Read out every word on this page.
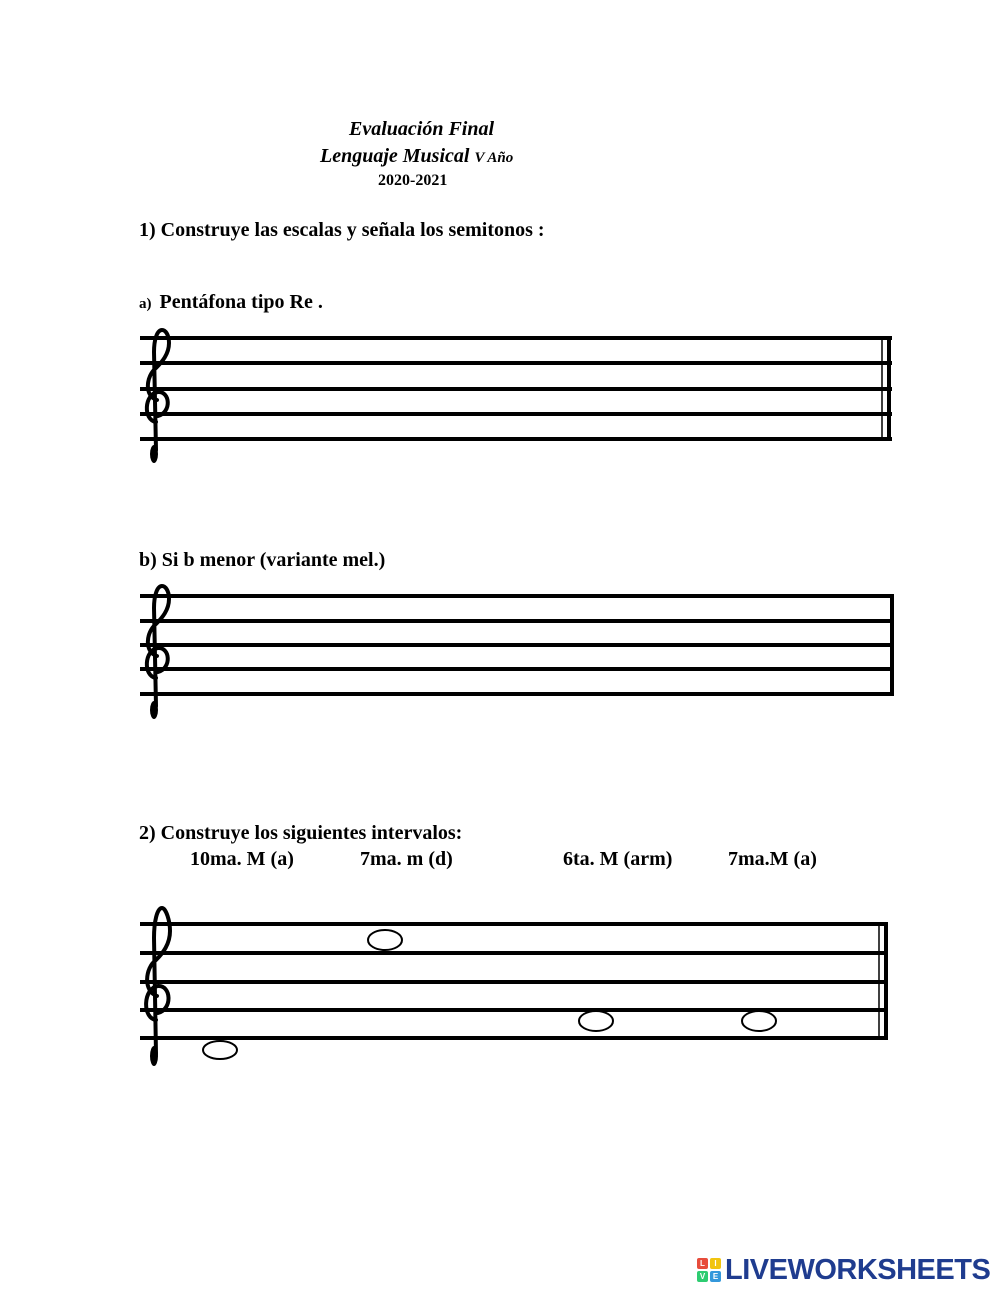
Evaluación Final
Lenguaje Musical V Año
2020-2021
1) Construye las escalas y señala los semitonos :
a) Pentáfona tipo Re .
b) Si b menor (variante mel.)
2) Construye los siguientes intervalos:
10ma. M (a)	7ma. m (d)	6ta. M (arm)	7ma.M (a)
L	I
V E LIVEWORKSHEETS
